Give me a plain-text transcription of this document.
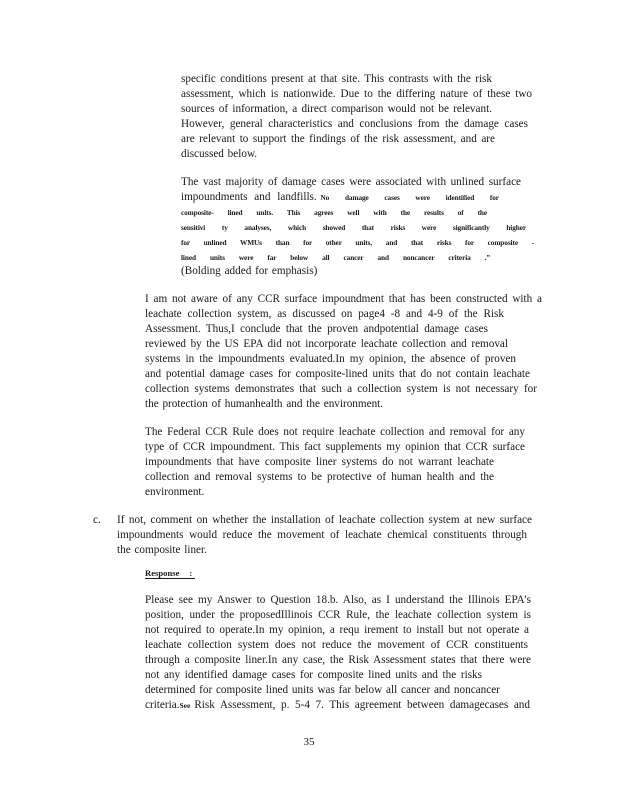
specific conditions present at that site. This contrasts with the risk
assessment, which is nationwide. Due to the differing nature of these two
sources of information, a direct comparison would not be relevant.
However, general characteristics and conclusions from the damage cases
are relevant to support the findings of the risk assessment, and are
discussed below.
The vast majority of damage cases were associated with unlined surface
impoundments and landfills. No damage cases were identified for
composite- lined units. This agrees well with the results of the
sensitivi ty analyses, which showed that risks were significantly higher
for unlined WMUs than for other units, and that risks for composite -
lined units were far below all cancer and noncancer criteria .”
(Bolding added for emphasis)
I am not aware of any CCR surface impoundment that has been constructed with a
leachate collection system, as discussed on page4 -8 and 4-9 of the Risk
Assessment. Thus,I conclude that the proven andpotential damage cases
reviewed by the US EPA did not incorporate leachate collection and removal
systems in the impoundments evaluated.In my opinion, the absence of proven
and potential damage cases for composite-lined units that do not contain leachate
collection systems demonstrates that such a collection system is not necessary for
the protection of humanhealth and the environment.
The Federal CCR Rule does not require leachate collection and removal for any
type of CCR impoundment. This fact supplements my opinion that CCR surface
impoundments that have composite liner systems do not warrant leachate
collection and removal systems to be protective of human health and the
environment.
c. If not, comment on whether the installation of leachate collection system at new surface
impoundments would reduce the movement of leachate chemical constituents through
the composite liner.
Response :
Please see my Answer to Question 18.b. Also, as I understand the Illinois EPA’s
position, under the proposedIllinois CCR Rule, the leachate collection system is
not required to operate.In my opinion, a requ irement to install but not operate a
leachate collection system does not reduce the movement of CCR constituents
through a composite liner.In any case, the Risk Assessment states that there were
not any identified damage cases for composite lined units and the risks
determined for composite lined units was far below all cancer and noncancer
criteria. See Risk Assessment, p. 5-4 7. This agreement between damagecases and
35
